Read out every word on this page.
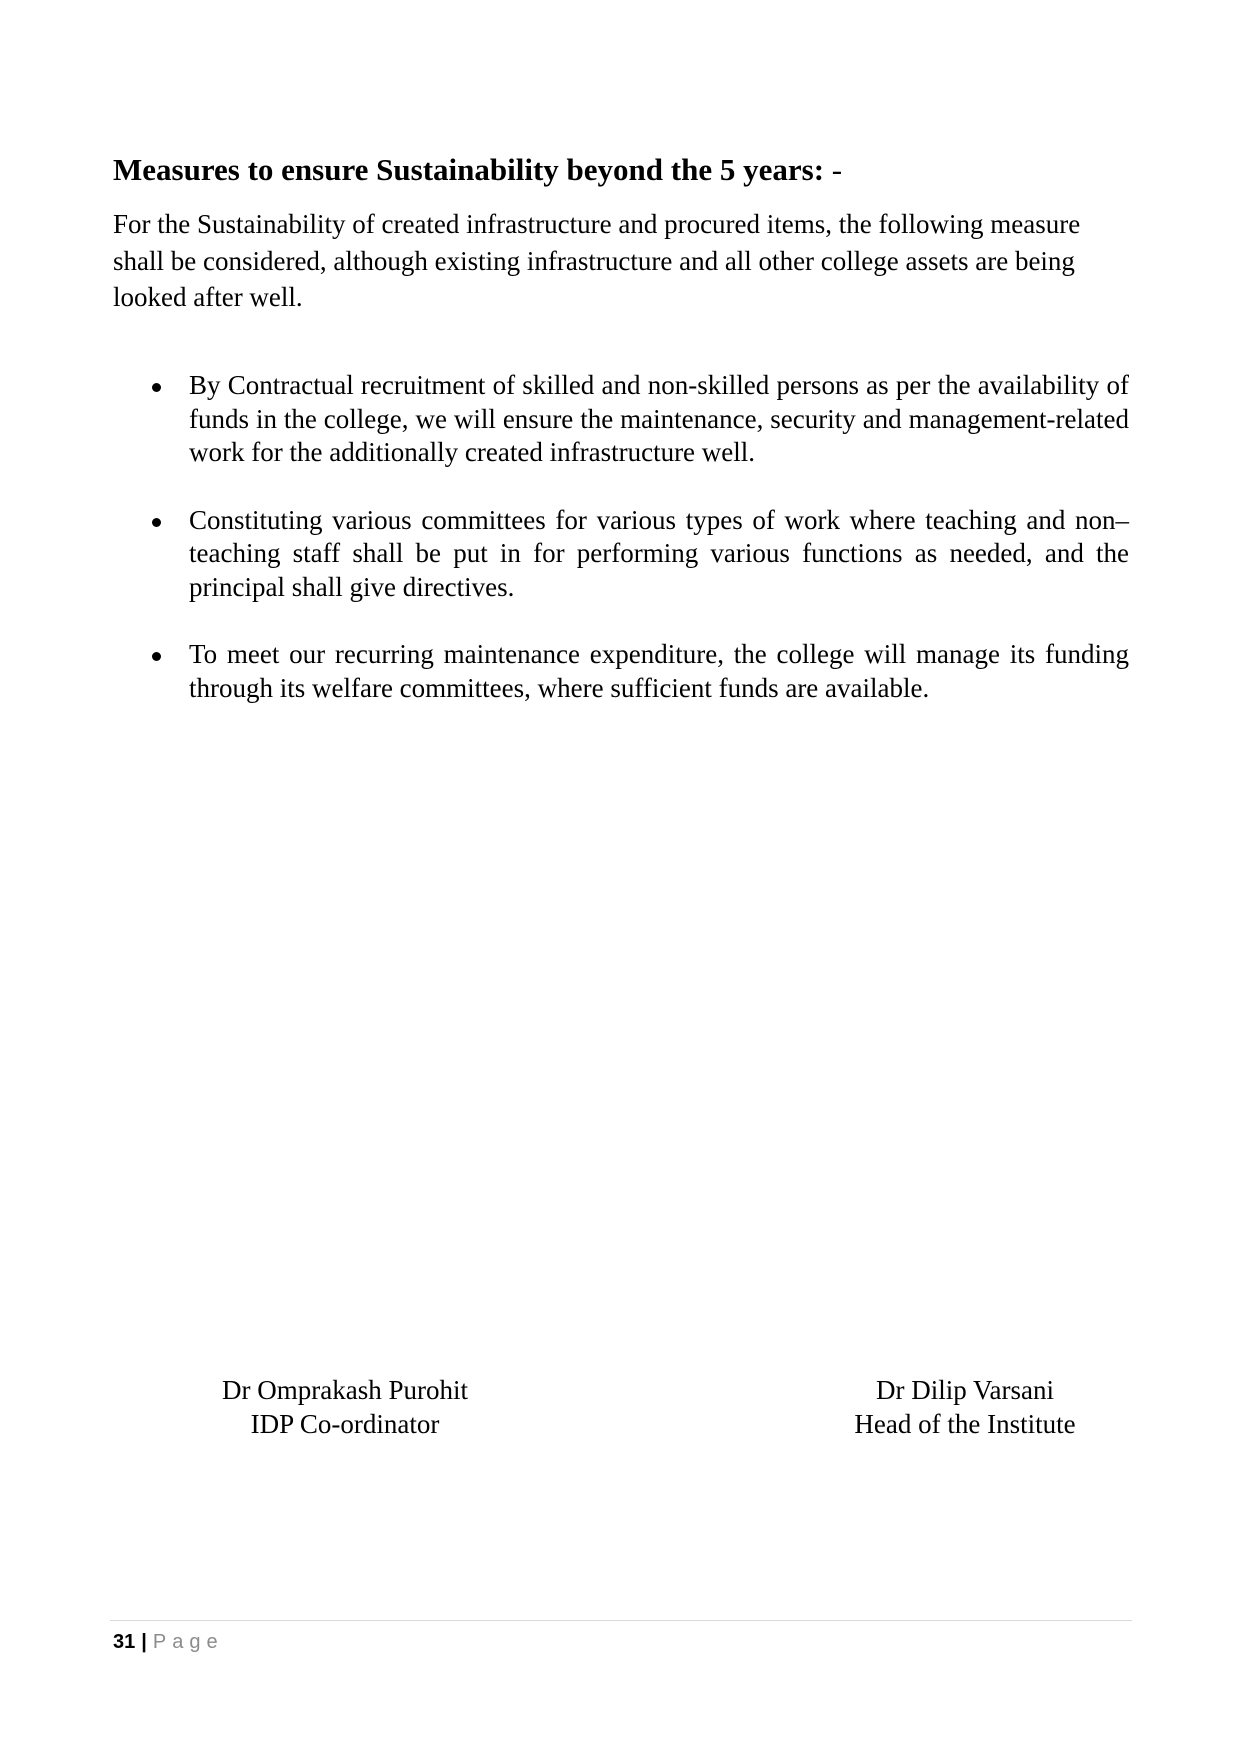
Measures to ensure Sustainability beyond the 5 years: -

For the Sustainability of created infrastructure and procured items, the following measure shall be considered, although existing infrastructure and all other college assets are being looked after well.

By Contractual recruitment of skilled and non-skilled persons as per the availability of funds in the college, we will ensure the maintenance, security and management-related work for the additionally created infrastructure well.
Constituting various committees for various types of work where teaching and non–teaching staff shall be put in for performing various functions as needed, and the principal shall give directives.
To meet our recurring maintenance expenditure, the college will manage its funding through its welfare committees, where sufficient funds are available.
Dr Omprakash Purohit
IDP Co-ordinator
Dr Dilip Varsani
Head of the Institute
31 | Page
